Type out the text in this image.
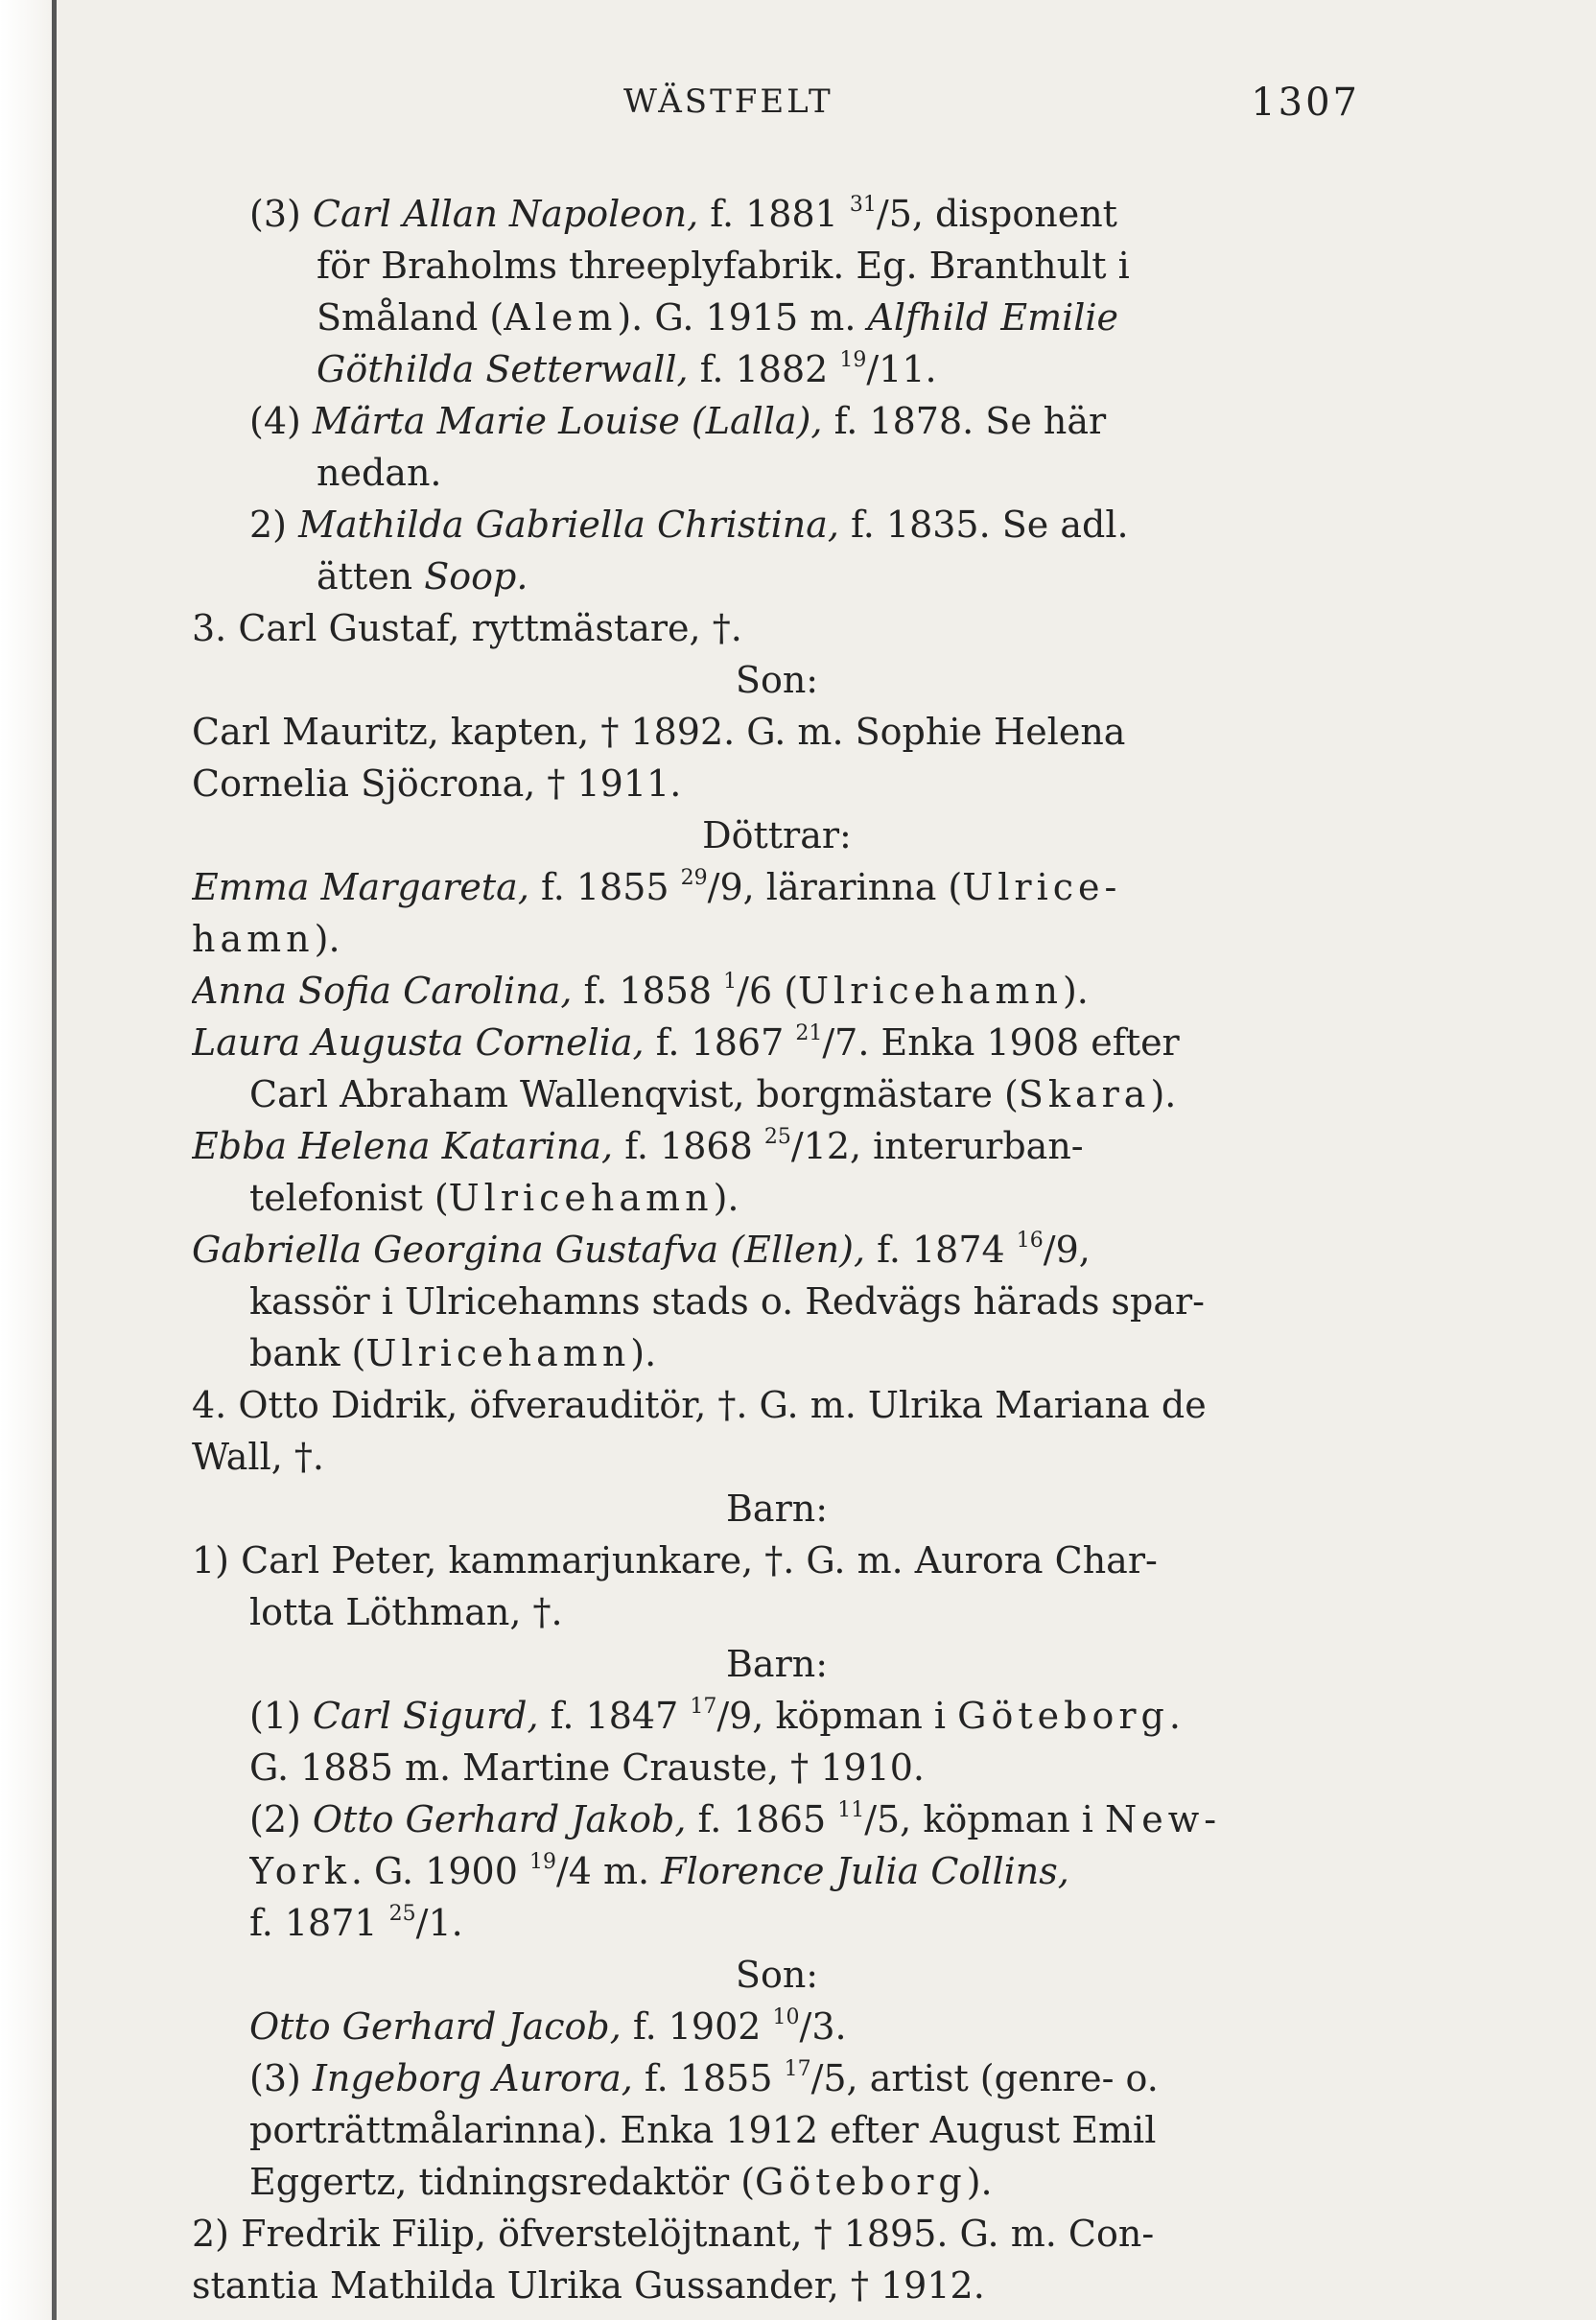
WÄSTFELT	1307
(3) Carl Allan Napoleon, f. 1881 $^{31}$/5, disponent
för Braholms threeplyfabrik. Eg. Branthult i
Småland (Alem). G. 1915 m. Alfhild Emilie
Göthilda Setterwall, f. 1882 $^{19}$/11.
(4) Märta Marie Louise (Lalla), f. 1878. Se här
nedan.
2) Mathilda Gabriella Christina, f. 1835. Se adl.
ätten Soop.
3. Carl Gustaf, ryttmästare, †.
Son:
Carl Mauritz, kapten, † 1892. G. m. Sophie Helena
Cornelia Sjöcrona, † 1911.
Döttrar:
Emma Margareta, f. 1855 $^{29}$/9, lärarinna (Ulrice-
hamn).
Anna Sofia Carolina, f. 1858 $^1$/6 (Ulricehamn).
Laura Augusta Cornelia, f. 1867 $^{21}$/7. Enka 1908 efter
Carl Abraham Wallenqvist, borgmästare (Skara).
Ebba Helena Katarina, f. 1868 $^{25}$/12, interurban-
telefonist (Ulricehamn).
Gabriella Georgina Gustafva (Ellen), f. 1874 $^{16}$/9,
kassör i Ulricehamns stads o. Redvägs härads spar-
bank (Ulricehamn).
4. Otto Didrik, öfverauditör, †. G. m. Ulrika Mariana de
Wall, †.
Barn:
1) Carl Peter, kammarjunkare, †. G. m. Aurora Char-
lotta Löthman, †.
Barn:
(1) Carl Sigurd, f. 1847 $^{17}$/9, köpman i Göteborg.
G. 1885 m. Martine Crauste, † 1910.
(2) Otto Gerhard Jakob, f. 1865 $^{11}$/5, köpman i New-
York. G. 1900 $^{19}$/4 m. Florence Julia Collins,
f. 1871 $^{25}$/1.
Son:
Otto Gerhard Jacob, f. 1902 $^{10}$/3.
(3) Ingeborg Aurora, f. 1855 $^{17}$/5, artist (genre- o.
porträttmålarinna). Enka 1912 efter August Emil
Eggertz, tidningsredaktör (Göteborg).
2) Fredrik Filip, öfverstelöjtnant, † 1895. G. m. Con-
stantia Mathilda Ulrika Gussander, † 1912.
